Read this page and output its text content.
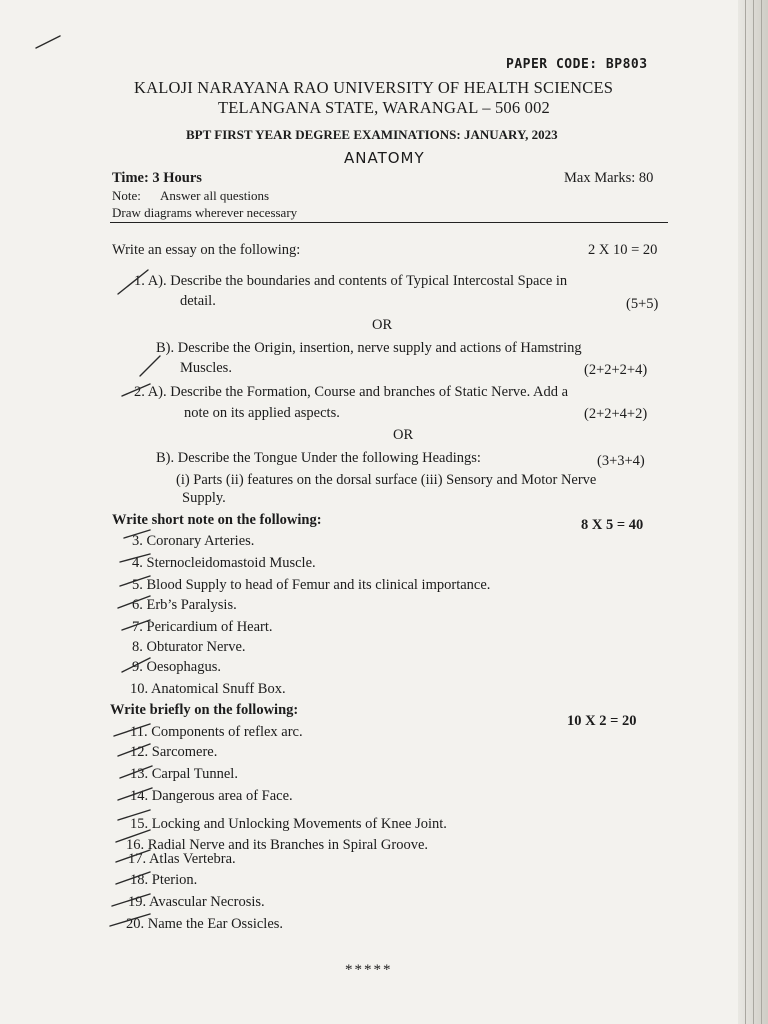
PAPER CODE: BP803
KALOJI NARAYANA RAO UNIVERSITY OF HEALTH SCIENCES
TELANGANA STATE, WARANGAL – 506 002
BPT FIRST YEAR DEGREE EXAMINATIONS: JANUARY, 2023
ANATOMY
Time: 3 Hours	Max Marks: 80
Note: Answer all questions
Draw diagrams wherever necessary
Write an essay on the following:	2 X 10 = 20
1. A). Describe the boundaries and contents of Typical Intercostal Space in
detail.	(5+5)
OR
B). Describe the Origin, insertion, nerve supply and actions of Hamstring
Muscles.	(2+2+2+4)
2. A). Describe the Formation, Course and branches of Static Nerve. Add a
note on its applied aspects.	(2+2+4+2)
OR
B). Describe the Tongue Under the following Headings:	(3+3+4)
(i) Parts (ii) features on the dorsal surface (iii) Sensory and Motor Nerve
Supply.
Write short note on the following:	8 X 5 = 40
3. Coronary Arteries.
4. Sternocleidomastoid Muscle.
5. Blood Supply to head of Femur and its clinical importance.
6. Erb’s Paralysis.
7. Pericardium of Heart.
8. Obturator Nerve.
9. Oesophagus.
10. Anatomical Snuff Box.
Write briefly on the following:
10 X 2 = 20
11. Components of reflex arc.
12. Sarcomere.
13. Carpal Tunnel.
14. Dangerous area of Face.
15. Locking and Unlocking Movements of Knee Joint.
16. Radial Nerve and its Branches in Spiral Groove.
17. Atlas Vertebra.
18. Pterion.
19. Avascular Necrosis.
20. Name the Ear Ossicles.
*****
